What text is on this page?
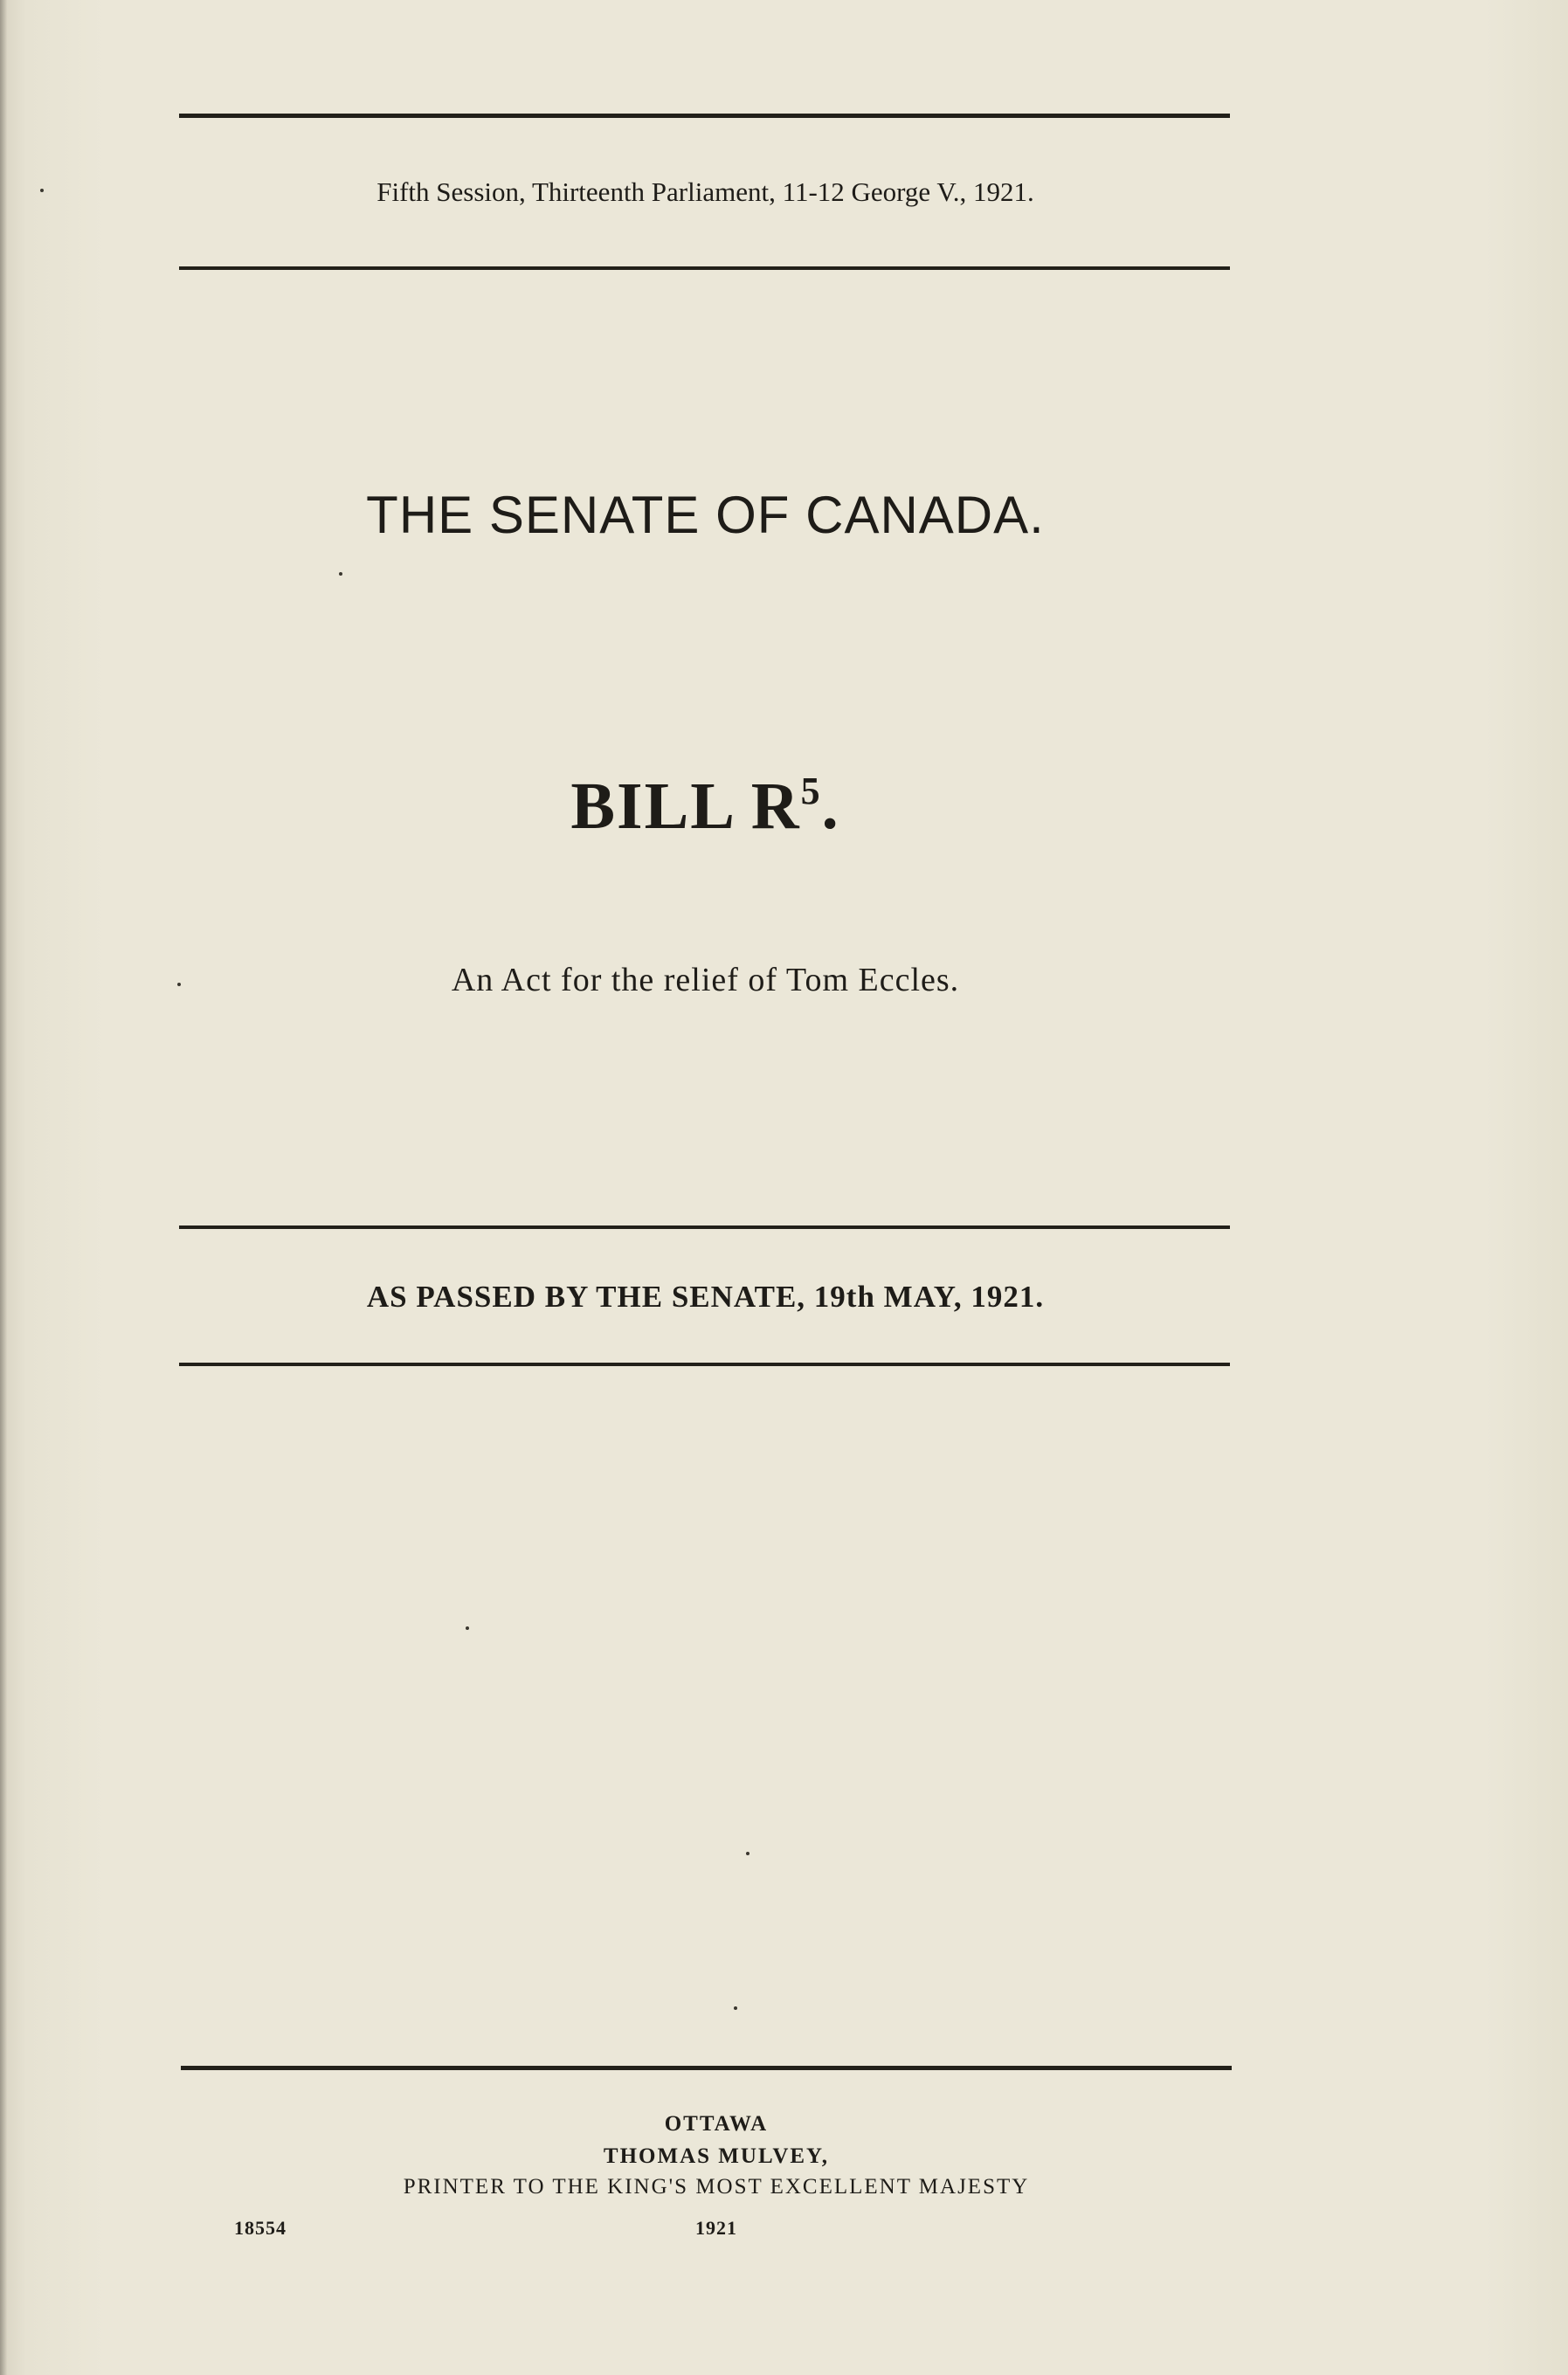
Fifth Session, Thirteenth Parliament, 11-12 George V., 1921.
THE SENATE OF CANADA.
BILL $R^5$.
An Act for the relief of Tom Eccles.
AS PASSED BY THE SENATE, 19th MAY, 1921.
OTTAWA
THOMAS MULVEY,
PRINTER TO THE KING'S MOST EXCELLENT MAJESTY
18554	1921
